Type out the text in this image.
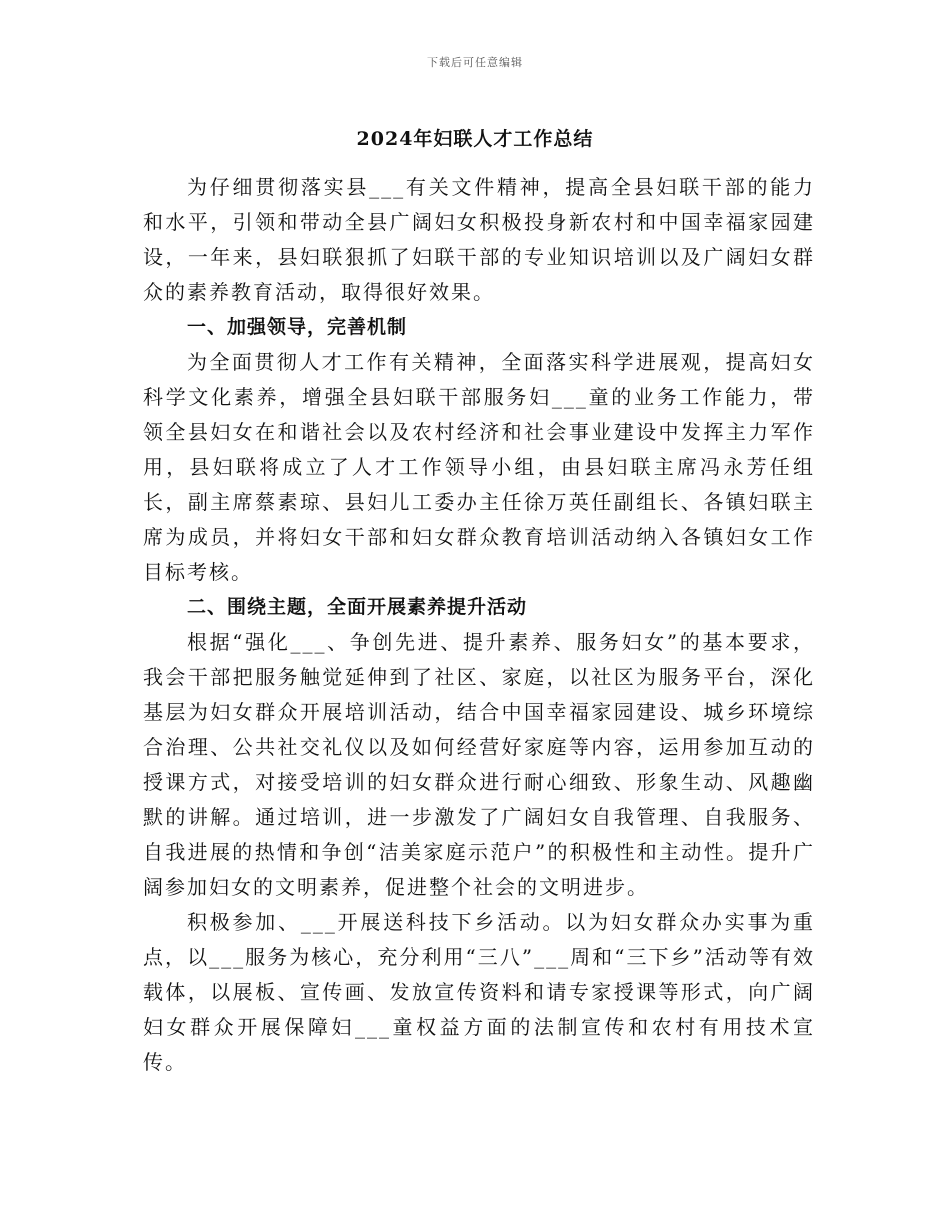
下载后可任意编辑
2024年妇联人才工作总结

为仔细贯彻落实县___有关文件精神，提高全县妇联干部的能力和水平，引领和带动全县广阔妇女积极投身新农村和中国幸福家园建设，一年来，县妇联狠抓了妇联干部的专业知识培训以及广阔妇女群众的素养教育活动，取得很好效果。

一、加强领导，完善机制

为全面贯彻人才工作有关精神，全面落实科学进展观，提高妇女科学文化素养，增强全县妇联干部服务妇___童的业务工作能力，带领全县妇女在和谐社会以及农村经济和社会事业建设中发挥主力军作用，县妇联将成立了人才工作领导小组，由县妇联主席冯永芳任组长，副主席蔡素琼、县妇儿工委办主任徐万英任副组长、各镇妇联主席为成员，并将妇女干部和妇女群众教育培训活动纳入各镇妇女工作目标考核。

二、围绕主题，全面开展素养提升活动

根据“强化___、争创先进、提升素养、服务妇女”的基本要求，我会干部把服务触觉延伸到了社区、家庭，以社区为服务平台，深化基层为妇女群众开展培训活动，结合中国幸福家园建设、城乡环境综合治理、公共社交礼仪以及如何经营好家庭等内容，运用参加互动的授课方式，对接受培训的妇女群众进行耐心细致、形象生动、风趣幽默的讲解。通过培训，进一步激发了广阔妇女自我管理、自我服务、自我进展的热情和争创“洁美家庭示范户”的积极性和主动性。提升广阔参加妇女的文明素养，促进整个社会的文明进步。

积极参加、___开展送科技下乡活动。以为妇女群众办实事为重点，以___服务为核心，充分利用“三八”___周和“三下乡”活动等有效载体，以展板、宣传画、发放宣传资料和请专家授课等形式，向广阔妇女群众开展保障妇___童权益方面的法制宣传和农村有用技术宣传。
